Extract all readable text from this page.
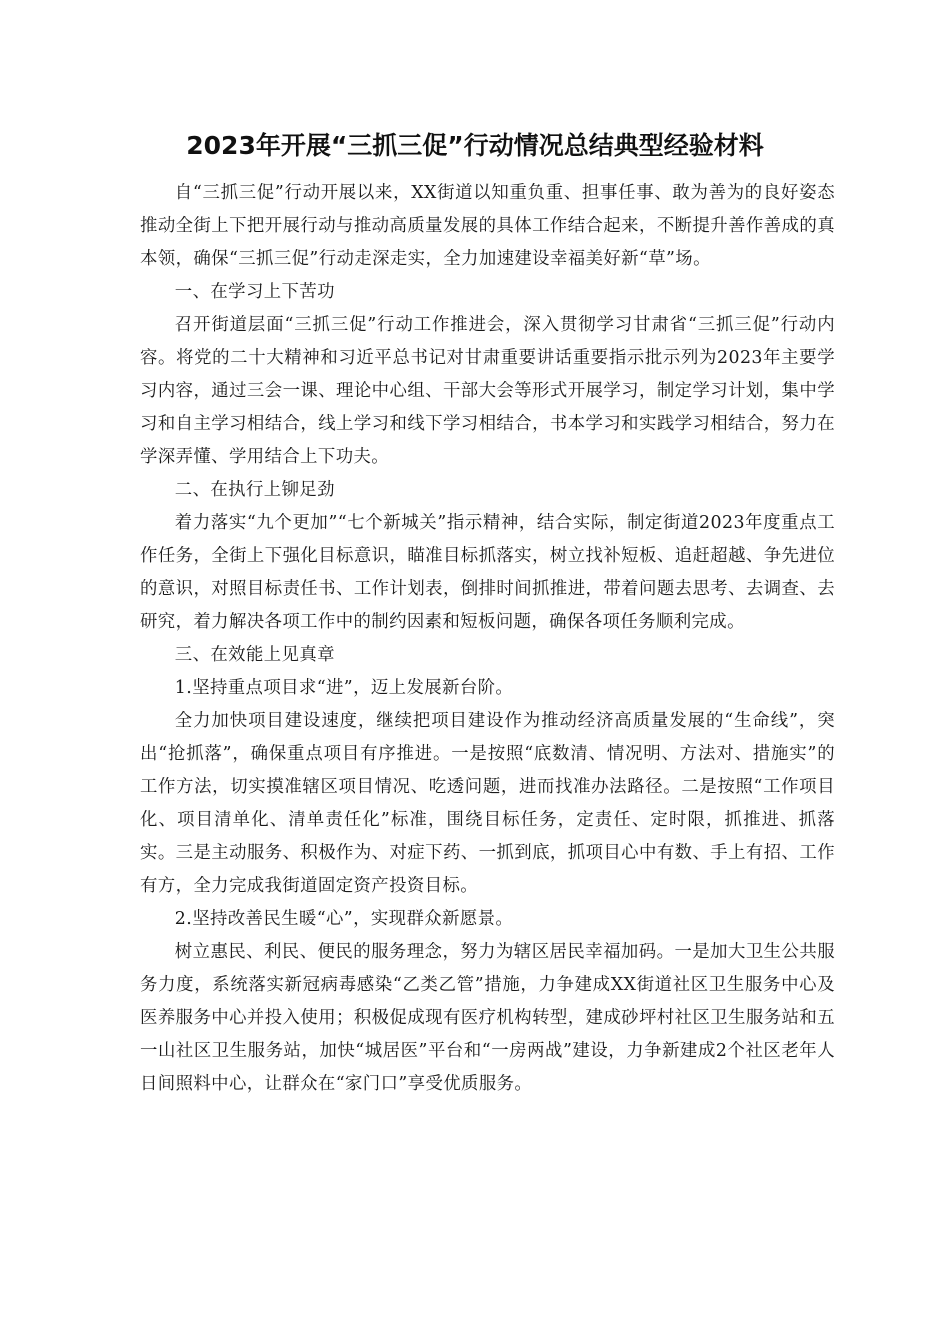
2023年开展“三抓三促”行动情况总结典型经验材料

自“三抓三促”行动开展以来，XX街道以知重负重、担事任事、敢为善为的良好姿态推动全街上下把开展行动与推动高质量发展的具体工作结合起来，不断提升善作善成的真本领，确保“三抓三促”行动走深走实，全力加速建设幸福美好新“草”场。

一、在学习上下苦功

召开街道层面“三抓三促”行动工作推进会，深入贯彻学习甘肃省“三抓三促”行动内容。将党的二十大精神和习近平总书记对甘肃重要讲话重要指示批示列为2023年主要学习内容，通过三会一课、理论中心组、干部大会等形式开展学习，制定学习计划，集中学习和自主学习相结合，线上学习和线下学习相结合，书本学习和实践学习相结合，努力在学深弄懂、学用结合上下功夫。

二、在执行上铆足劲

着力落实“九个更加”“七个新城关”指示精神，结合实际，制定街道2023年度重点工作任务，全街上下强化目标意识，瞄准目标抓落实，树立找补短板、追赶超越、争先进位的意识，对照目标责任书、工作计划表，倒排时间抓推进，带着问题去思考、去调查、去研究，着力解决各项工作中的制约因素和短板问题，确保各项任务顺利完成。

三、在效能上见真章

1.坚持重点项目求“进”，迈上发展新台阶。

全力加快项目建设速度，继续把项目建设作为推动经济高质量发展的“生命线”，突出“抢抓落”，确保重点项目有序推进。一是按照“底数清、情况明、方法对、措施实”的工作方法，切实摸准辖区项目情况、吃透问题，进而找准办法路径。二是按照“工作项目化、项目清单化、清单责任化”标准，围绕目标任务，定责任、定时限，抓推进、抓落实。三是主动服务、积极作为、对症下药、一抓到底，抓项目心中有数、手上有招、工作有方，全力完成我街道固定资产投资目标。

2.坚持改善民生暖“心”，实现群众新愿景。

树立惠民、利民、便民的服务理念，努力为辖区居民幸福加码。一是加大卫生公共服务力度，系统落实新冠病毒感染“乙类乙管”措施，力争建成XX街道社区卫生服务中心及医养服务中心并投入使用；积极促成现有医疗机构转型，建成砂坪村社区卫生服务站和五一山社区卫生服务站，加快“城居医”平台和“一房两战”建设，力争新建成2个社区老年人日间照料中心，让群众在“家门口”享受优质服务。
